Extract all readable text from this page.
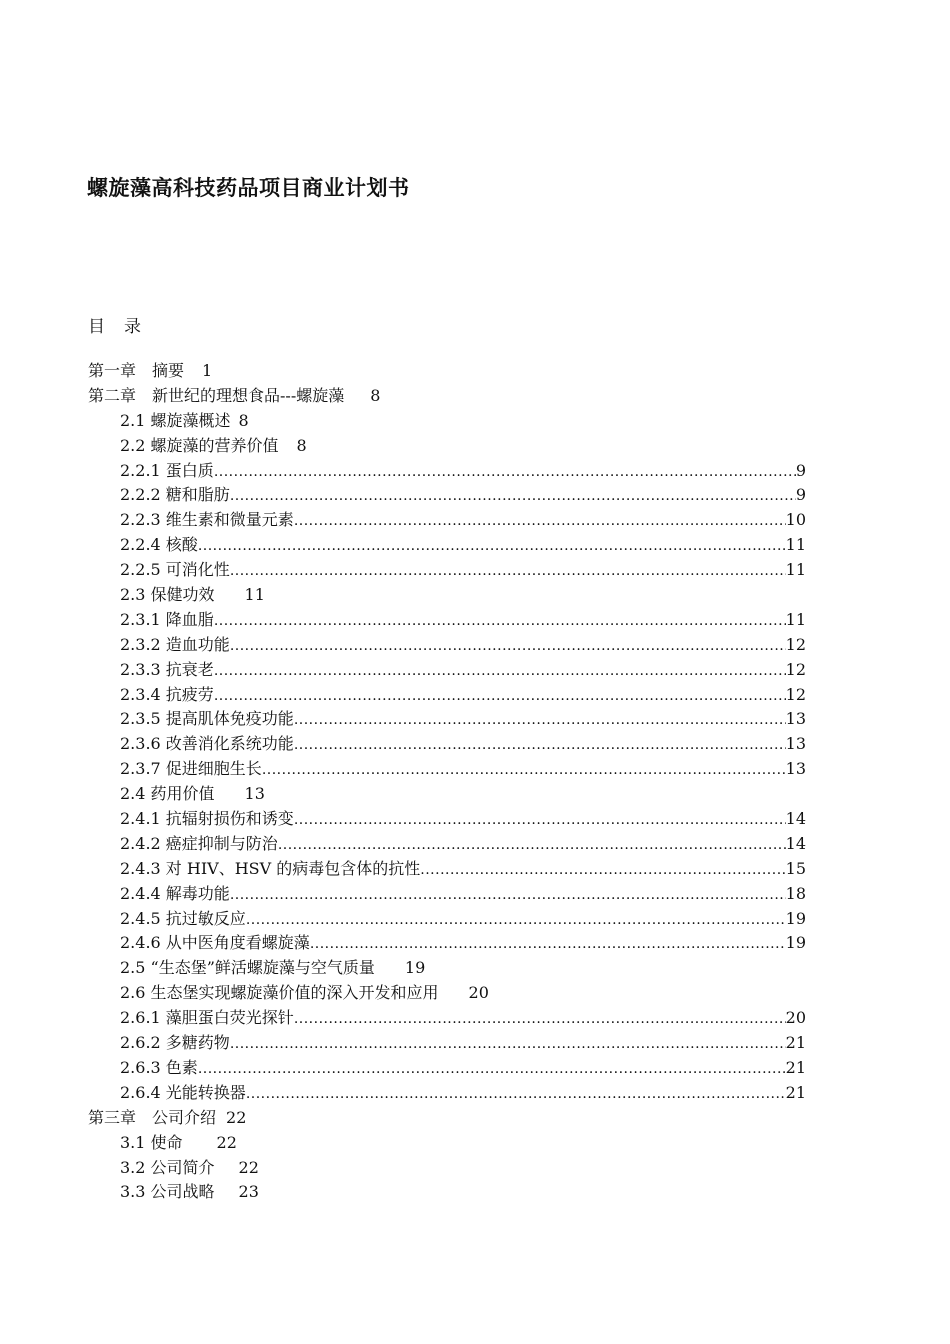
螺旋藻高科技药品项目商业计划书
目　录
第一章　摘要 1
第二章　新世纪的理想食品---螺旋藻 8
2.1 螺旋藻概述 8
2.2 螺旋藻的营养价值 8
2.2.1 蛋白质 .....	9
2.2.2 糖和脂肪 .....	9
2.2.3 维生素和微量元素 .....	10
2.2.4 核酸 .....	11
2.2.5 可消化性 .....	11
2.3 保健功效 11
2.3.1 降血脂 .....	11
2.3.2 造血功能 .....	12
2.3.3 抗衰老 .....	12
2.3.4 抗疲劳 .....	12
2.3.5 提高肌体免疫功能 .....	13
2.3.6 改善消化系统功能 .....	13
2.3.7 促进细胞生长 .....	13
2.4 药用价值 13
2.4.1 抗辐射损伤和诱变 .....	14
2.4.2 癌症抑制与防治 .....	14
2.4.3 对 HIV、HSV 的病毒包含体的抗性 .....	15
2.4.4 解毒功能 .....	18
2.4.5 抗过敏反应 .....	19
2.4.6 从中医角度看螺旋藻 .....	19
2.5 “生态堡”鲜活螺旋藻与空气质量 19
2.6 生态堡实现螺旋藻价值的深入开发和应用 20
2.6.1 藻胆蛋白荧光探针 .....	20
2.6.2 多糖药物 .....	21
2.6.3 色素 .....	21
2.6.4 光能转换器 .....	21
第三章　公司介绍 22
3.1 使命 22
3.2 公司简介 22
3.3 公司战略 23
